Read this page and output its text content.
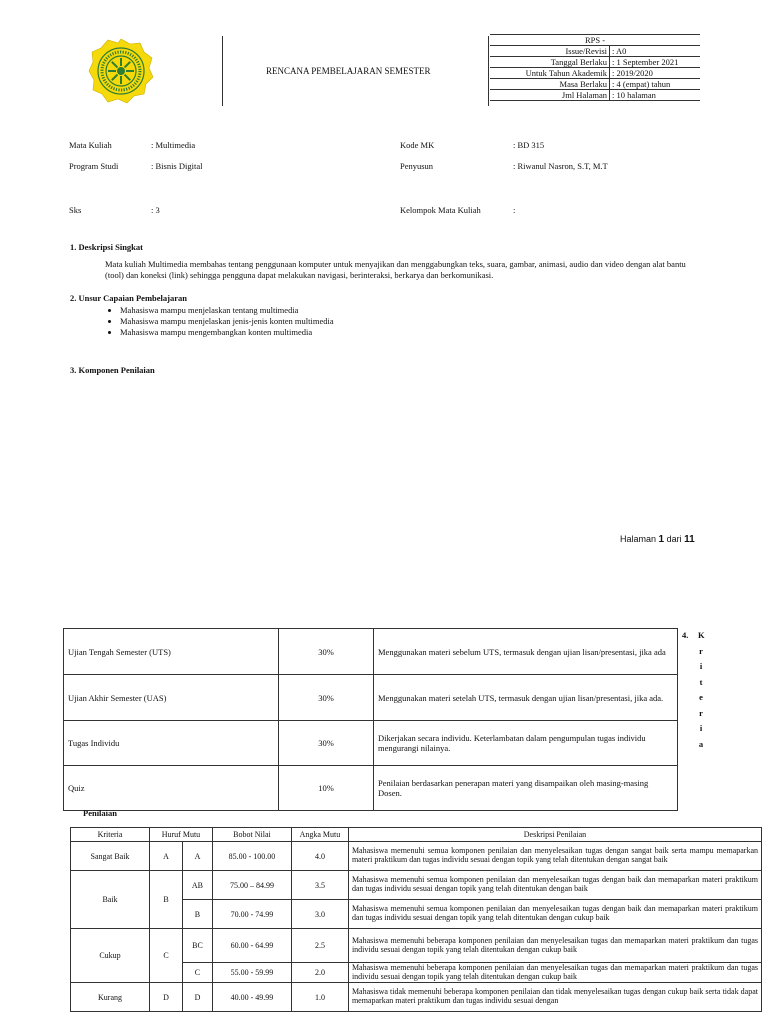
RENCANA PEMBELAJARAN SEMESTER
RPS -	
Issue/Revisi	: A0
Tanggal Berlaku	: 1 September 2021
Untuk Tahun Akademik	: 2019/2020
Masa Berlaku	: 4 (empat) tahun
Jml Halaman	: 10 halaman
Mata Kuliah	: Multimedia	Kode MK	: BD 315
Program Studi	: Bisnis Digital	Penyusun	: Riwanul Nasron, S.T, M.T
Sks	: 3	Kelompok Mata Kuliah	:
1. Deskripsi Singkat
Mata kuliah Multimedia membahas tentang penggunaan komputer untuk menyajikan dan menggabungkan teks, suara, gambar, animasi, audio dan video dengan alat bantu (tool) dan koneksi (link) sehingga pengguna dapat melakukan navigasi, berinteraksi, berkarya dan berkomunikasi.
2. Unsur Capaian Pembelajaran
• Mahasiswa mampu menjelaskan tentang multimedia
• Mahasiswa mampu menjelaskan jenis-jenis konten multimedia
• Mahasiswa mampu mengembangkan konten multimedia
3. Komponen Penilaian
Halaman 1 dari 11
Ujian Tengah Semester (UTS)	30%	Menggunakan materi sebelum UTS, termasuk dengan ujian lisan/presentasi, jika ada
Ujian Akhir Semester (UAS)	30%	Menggunakan materi setelah UTS, termasuk dengan ujian lisan/presentasi, jika ada.
Tugas Individu	30%	Dikerjakan secara individu. Keterlambatan dalam pengumpulan tugas individu mengurangi nilainya.
Quiz	10%	Penilaian berdasarkan penerapan materi yang disampaikan oleh masing-masing Dosen.
4.	K
r
i
t
e
r
i
a
Penilaian
Kriteria	Huruf Mutu		Bobot Nilai	Angka Mutu	Deskripsi Penilaian
Sangat Baik	A	A	85.00 - 100.00	4.0	Mahasiswa memenuhi semua komponen penilaian dan menyelesaikan tugas dengan sangat baik serta mampu memaparkan materi praktikum dan tugas individu sesuai dengan topik yang telah ditentukan dengan sangat baik
Baik	B	AB	75.00 – 84.99	3.5	Mahasiswa memenuhi semua komponen penilaian dan menyelesaikan tugas dengan baik dan memaparkan materi praktikum dan tugas individu sesuai dengan topik yang telah ditentukan dengan baik
		B	70.00 - 74.99	3.0	Mahasiswa memenuhi semua komponen penilaian dan menyelesaikan tugas dengan baik dan memaparkan materi praktikum dan tugas individu sesuai dengan topik yang telah ditentukan dengan cukup baik
Cukup	C	BC	60.00 - 64.99	2.5	Mahasiswa memenuhi beberapa komponen penilaian dan menyelesaikan tugas dan memaparkan materi praktikum dan tugas individu sesuai dengan topik yang telah ditentukan dengan cukup baik
		C	55.00 - 59.99	2.0	Mahasiswa memenuhi beberapa komponen penilaian dan menyelesaikan tugas dan memaparkan materi praktikum dan tugas individu sesuai dengan topik yang telah ditentukan dengan cukup baik
Kurang	D	D	40.00 - 49.99	1.0	Mahasiswa tidak memenuhi beberapa komponen penilaian dan tidak menyelesaikan tugas dengan cukup baik serta tidak dapat memaparkan materi praktikum dan tugas individu sesuai dengan
